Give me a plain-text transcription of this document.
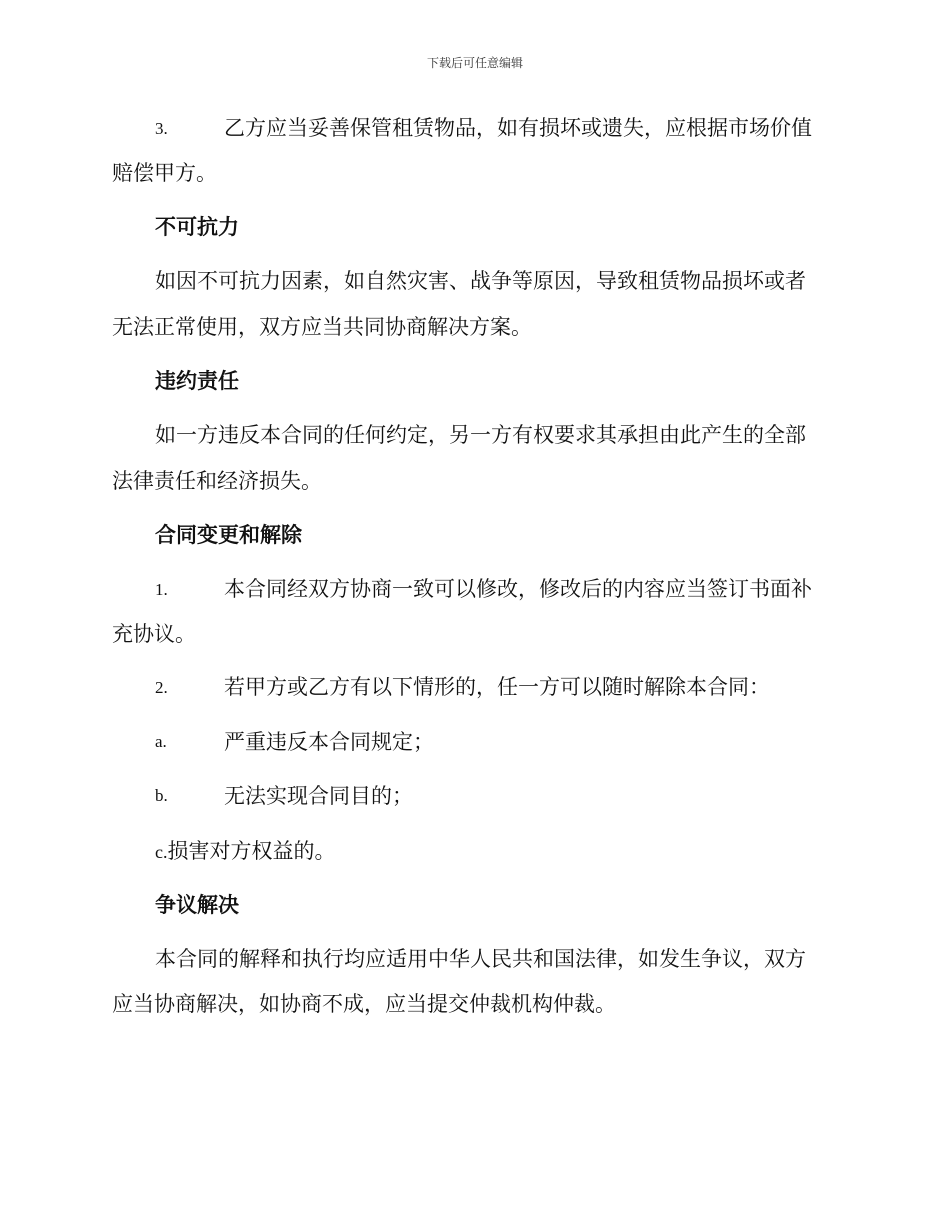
下载后可任意编辑
3.	乙方应当妥善保管租赁物品，如有损坏或遗失，应根据市场价值
赔偿甲方。
不可抗力
如因不可抗力因素，如自然灾害、战争等原因，导致租赁物品损坏或者
无法正常使用，双方应当共同协商解决方案。
违约责任
如一方违反本合同的任何约定，另一方有权要求其承担由此产生的全部
法律责任和经济损失。
合同变更和解除
1.	本合同经双方协商一致可以修改，修改后的内容应当签订书面补
充协议。
2.	若甲方或乙方有以下情形的，任一方可以随时解除本合同：
a.	严重违反本合同规定；
b.	无法实现合同目的；
c.损害对方权益的。
争议解决
本合同的解释和执行均应适用中华人民共和国法律，如发生争议，双方
应当协商解决，如协商不成，应当提交仲裁机构仲裁。
